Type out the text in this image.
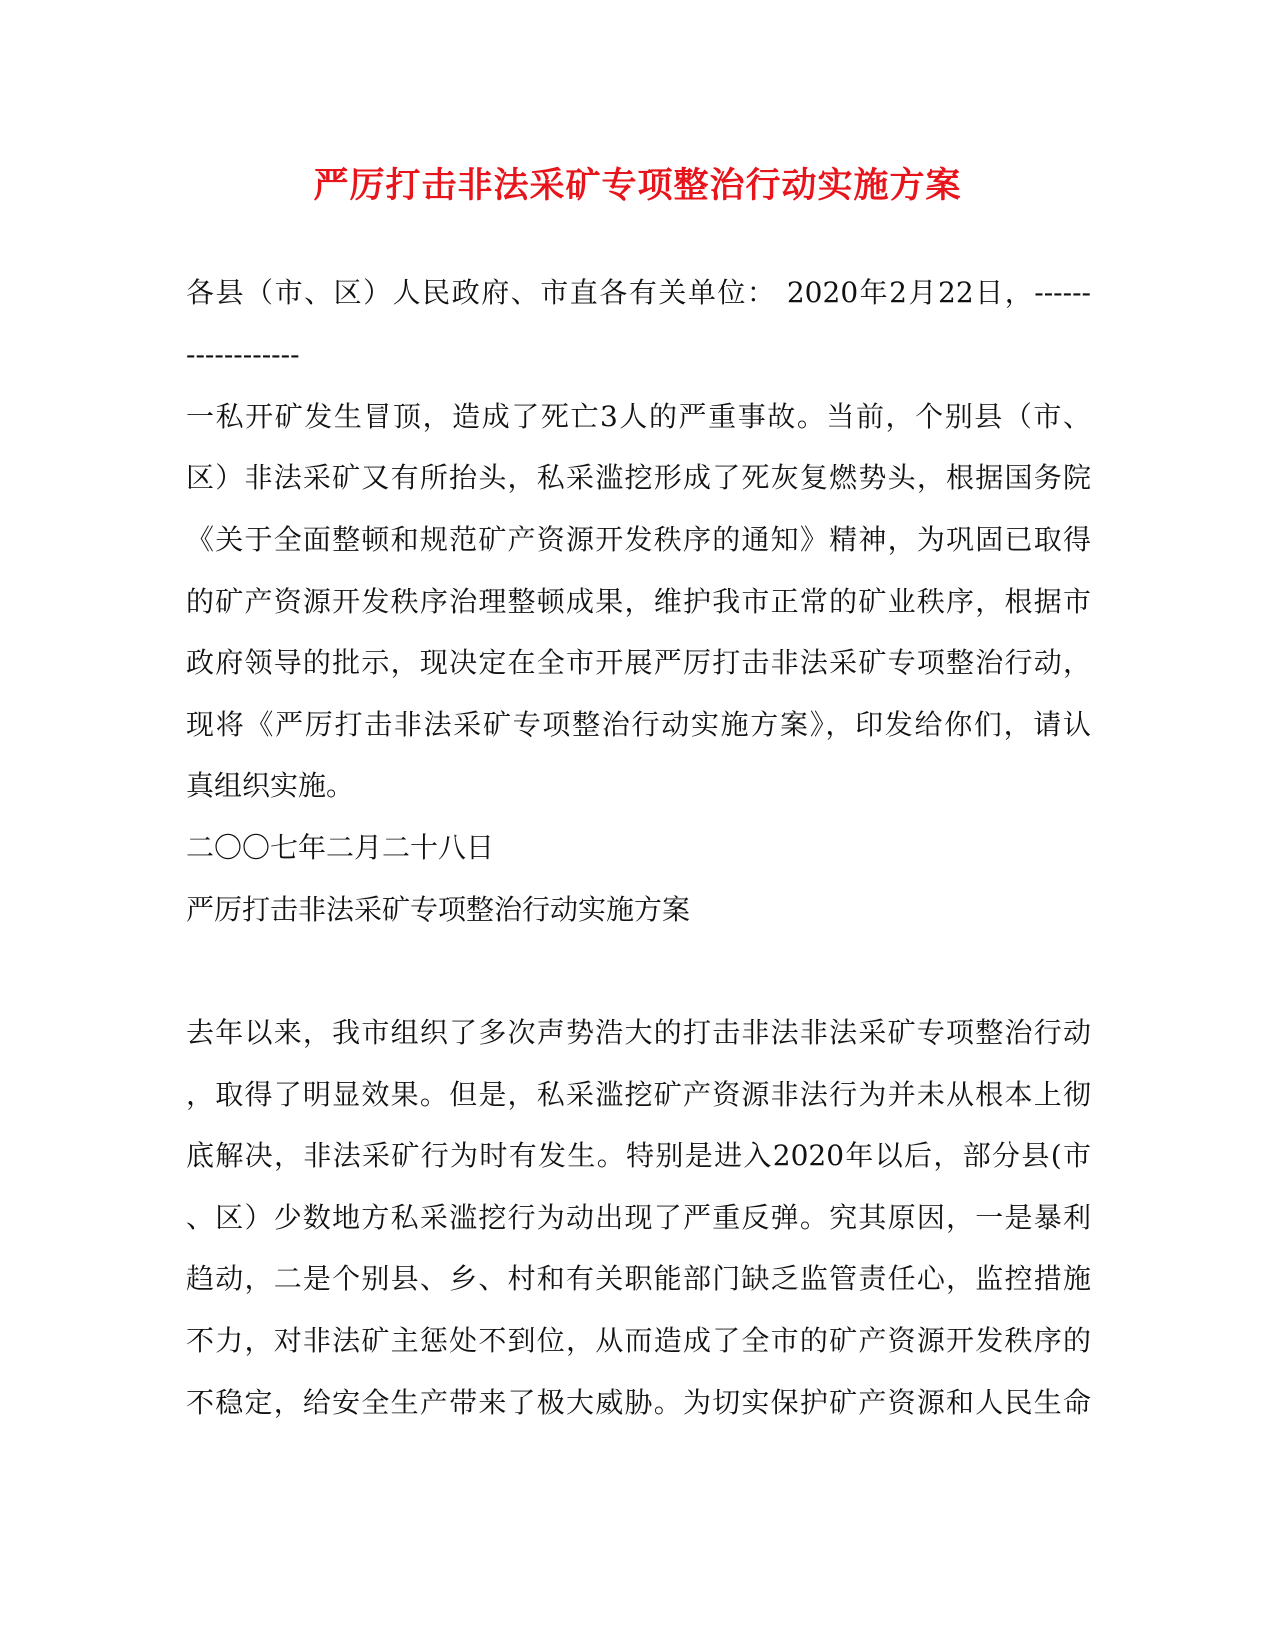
严厉打击非法采矿专项整治行动实施方案
各县（市、区）人民政府、市直各有关单位： 2020年2月22日，------
------------
一私开矿发生冒顶，造成了死亡3人的严重事故。当前，个别县（市、
区）非法采矿又有所抬头，私采滥挖形成了死灰复燃势头，根据国务院
《关于全面整顿和规范矿产资源开发秩序的通知》精神，为巩固已取得
的矿产资源开发秩序治理整顿成果，维护我市正常的矿业秩序，根据市
政府领导的批示，现决定在全市开展严厉打击非法采矿专项整治行动，
现将《严厉打击非法采矿专项整治行动实施方案》，印发给你们，请认
真组织实施。
二〇〇七年二月二十八日
严厉打击非法采矿专项整治行动实施方案
去年以来，我市组织了多次声势浩大的打击非法非法采矿专项整治行动
，取得了明显效果。但是，私采滥挖矿产资源非法行为并未从根本上彻
底解决，非法采矿行为时有发生。特别是进入2020年以后，部分县(市
、区）少数地方私采滥挖行为动出现了严重反弹。究其原因，一是暴利
趋动，二是个别县、乡、村和有关职能部门缺乏监管责任心，监控措施
不力，对非法矿主惩处不到位，从而造成了全市的矿产资源开发秩序的
不稳定，给安全生产带来了极大威胁。为切实保护矿产资源和人民生命
